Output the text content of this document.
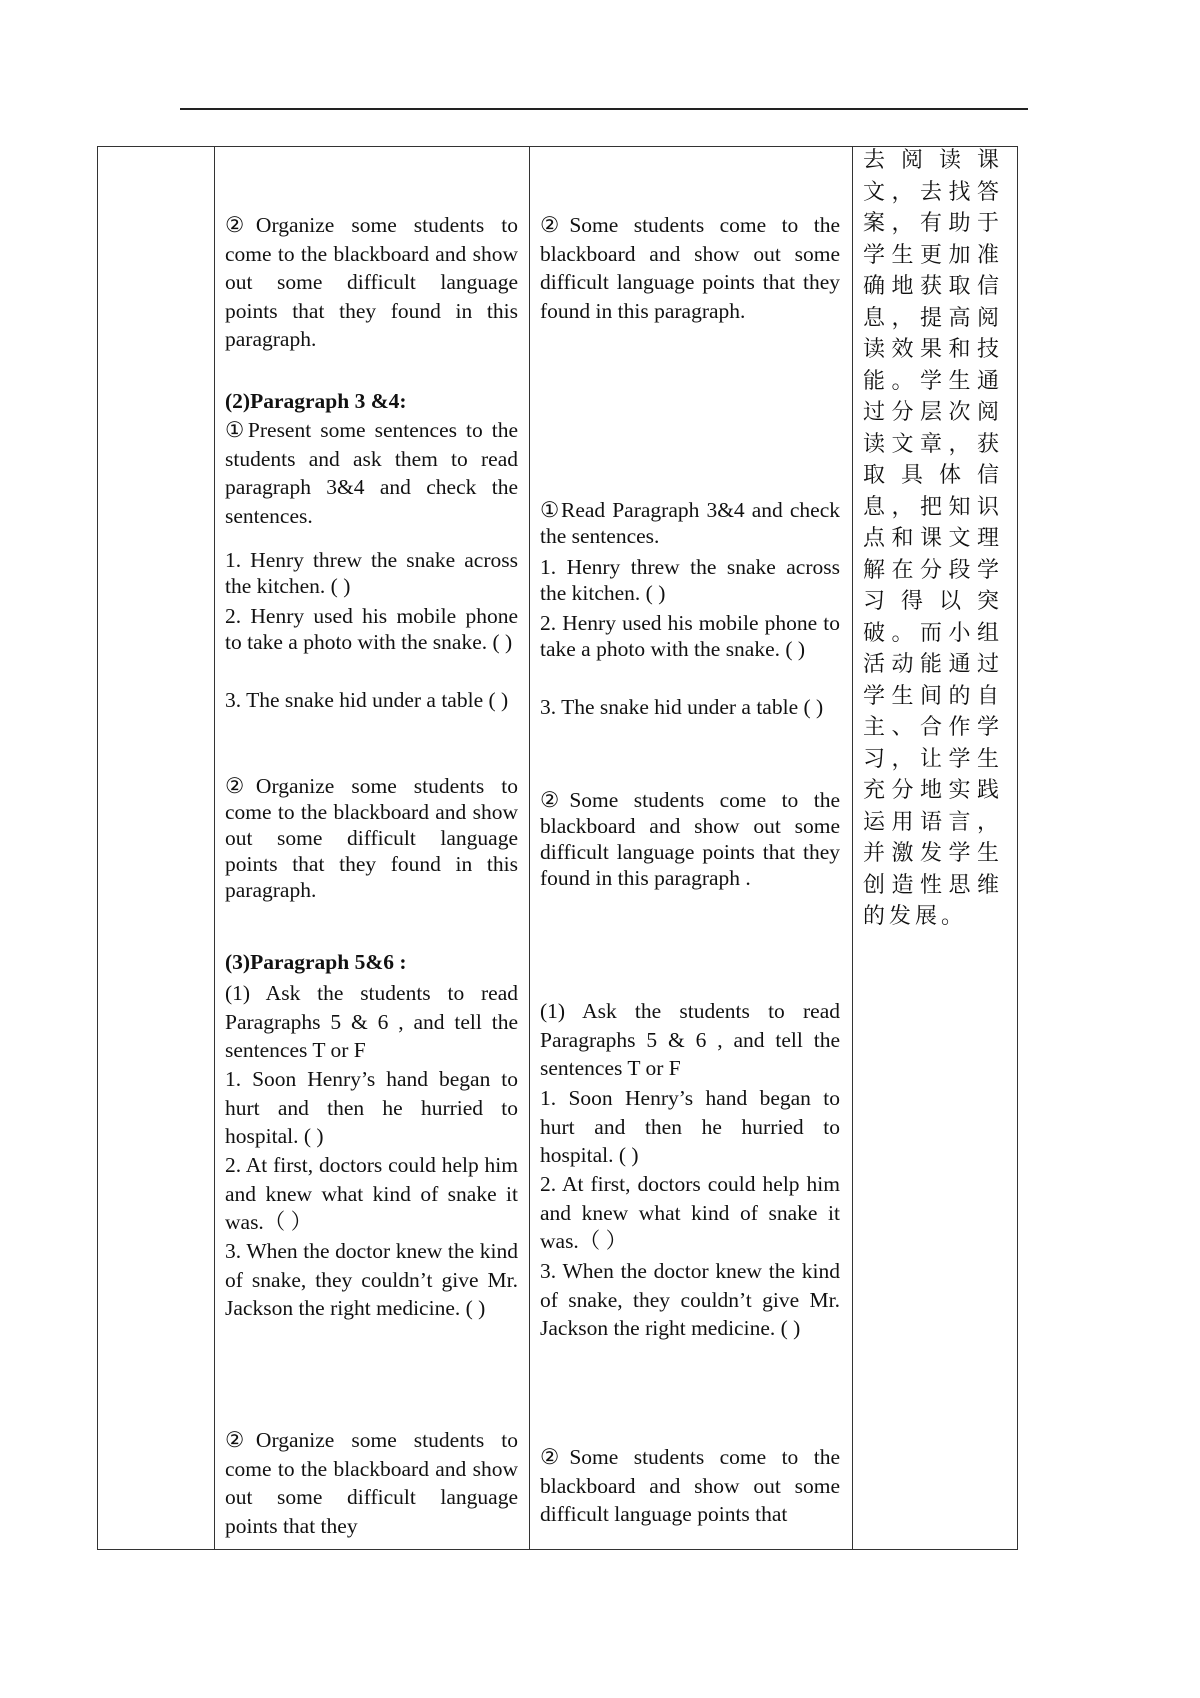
②Organize some students to come to the blackboard and show out some difficult language points that they found in this paragraph.
(2)Paragraph 3 &4:
①Present some sentences to the students and ask them to read paragraph 3&4 and check the sentences.
1. Henry threw the snake across the kitchen. ( )
2. Henry used his mobile phone to take a photo with the snake. ( )
3. The snake hid under a table ( )
②Organize some students to come to the blackboard and show out some difficult language points that they found in this paragraph.
(3)Paragraph 5&6 :
(1) Ask the students to read Paragraphs 5 & 6 , and tell the sentences T or F
1. Soon Henry’s hand began to hurt and then he hurried to hospital. ( )
2. At first, doctors could help him and knew what kind of snake it was.（ ）
3. When the doctor knew the kind of snake, they couldn’t give Mr. Jackson the right medicine. ( )
②Organize some students to come to the blackboard and show out some difficult language points that they
②Some students come to the blackboard and show out some difficult language points that they found in this paragraph.
①Read Paragraph 3&4 and check the sentences.
1. Henry threw the snake across the kitchen. ( )
2. Henry used his mobile phone to take a photo with the snake. ( )
3. The snake hid under a table ( )
②Some students come to the blackboard and show out some difficult language points that they found in this paragraph .
(1) Ask the students to read Paragraphs 5 & 6 , and tell the sentences T or F
1. Soon Henry’s hand began to hurt and then he hurried to hospital. ( )
2. At first, doctors could help him and knew what kind of snake it was.（ ）
3. When the doctor knew the kind of snake, they couldn’t give Mr. Jackson the right medicine. ( )
②Some students come to the blackboard and show out some difficult language points that
去阅读课文，去找答案，有助于学生更加准确地获取信息，提高阅读效果和技能。学生通过分层次阅读文章，获取具体信息，把知识点和课文理解在分段学习得以突破。而小组活动能通过学生间的自主、合作学习，让学生充分地实践运用语言，并激发学生创造性思维的发展。
